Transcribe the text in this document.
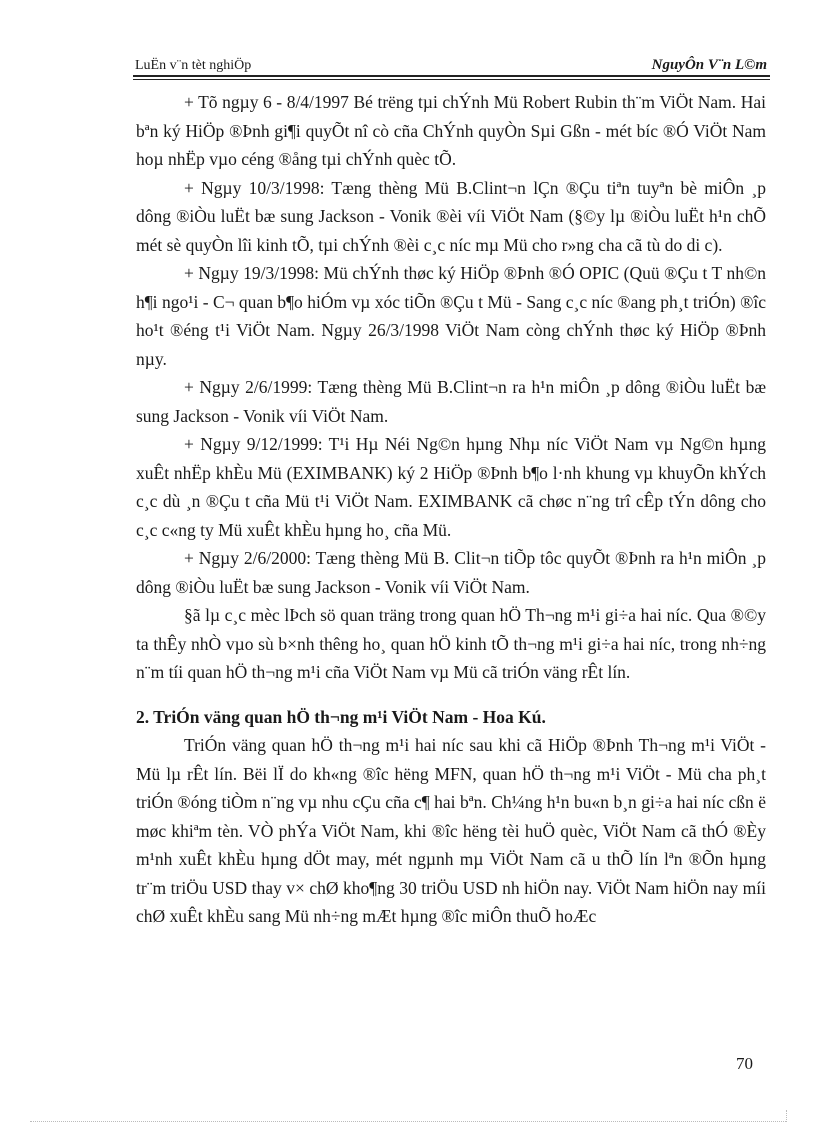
LuËn v¨n tèt nghiÖp	NguyÔn V¨n L©m

+ Tõ ngµy 6 - 8/4/1997 Bé trëng tµi chÝnh Mü Robert Rubin th¨m ViÖt Nam. Hai bªn ký HiÖp ®Þnh gi¶i quyÕt nî cò cña ChÝnh quyÒn Sµi Gßn - mét bíc ®Ó ViÖt Nam hoµ nhËp vµo céng ®ång tµi chÝnh quèc tÕ.

+ Ngµy 10/3/1998: Tæng thèng Mü B.Clint¬n lÇn ®Çu tiªn tuyªn bè miÔn ¸p dông ®iÒu luËt bæ sung Jackson - Vonik ®èi víi ViÖt Nam (§©y lµ ®iÒu luËt h¹n chÕ mét sè quyÒn lîi kinh tÕ, tµi chÝnh ®èi c¸c níc mµ Mü cho r»ng cha cã tù do di c).

+ Ngµy 19/3/1998: Mü chÝnh thøc ký HiÖp ®Þnh ®Ó OPIC (Quü ®Çu t T nh©n h¶i ngo¹i - C¬ quan b¶o hiÓm vµ xóc tiÕn ®Çu t Mü - Sang c¸c níc ®ang ph¸t triÓn) ®îc ho¹t ®éng t¹i ViÖt Nam. Ngµy 26/3/1998 ViÖt Nam còng chÝnh thøc ký HiÖp ®Þnh nµy.

+ Ngµy 2/6/1999: Tæng thèng Mü B.Clint¬n ra h¹n miÔn ¸p dông ®iÒu luËt bæ sung Jackson - Vonik víi ViÖt Nam.

+ Ngµy 9/12/1999: T¹i Hµ Néi Ng©n hµng Nhµ níc ViÖt Nam vµ Ng©n hµng xuÊt nhËp khÈu Mü (EXIMBANK) ký 2 HiÖp ®Þnh b¶o l·nh khung vµ khuyÕn khÝch c¸c dù ¸n ®Çu t cña Mü t¹i ViÖt Nam. EXIMBANK cã chøc n¨ng trî cÊp tÝn dông cho c¸c c«ng ty Mü xuÊt khÈu hµng ho¸ cña Mü.

+ Ngµy 2/6/2000: Tæng thèng Mü B. Clit¬n tiÕp tôc quyÕt ®Þnh ra h¹n miÔn ¸p dông ®iÒu luËt bæ sung Jackson - Vonik víi ViÖt Nam.

§ã lµ c¸c mèc lÞch sö quan träng trong quan hÖ Th¬ng m¹i gi÷a hai níc. Qua ®©y ta thÊy nhÒ vµo sù b×nh thêng ho¸ quan hÖ kinh tÕ th¬ng m¹i gi÷a hai níc, trong nh÷ng n¨m tíi quan hÖ th¬ng m¹i cña ViÖt Nam vµ Mü cã triÓn väng rÊt lín.

2. TriÓn väng quan hÖ th¬ng m¹i ViÖt Nam - Hoa Kú.

TriÓn väng quan hÖ th¬ng m¹i hai níc sau khi cã HiÖp ®Þnh Th¬ng m¹i ViÖt - Mü lµ rÊt lín. Bëi lÏ do kh«ng ®îc hëng MFN, quan hÖ th¬ng m¹i ViÖt - Mü cha ph¸t triÓn ®óng tiÒm n¨ng vµ nhu cÇu cña c¶ hai bªn. Ch¼ng h¹n bu«n b¸n gi÷a hai níc cßn ë møc khiªm tèn. VÒ phÝa ViÖt Nam, khi ®îc hëng tèi huÖ quèc, ViÖt Nam cã thÓ ®Èy m¹nh xuÊt khÈu hµng dÖt may, mét ngµnh mµ ViÖt Nam cã u thÕ lín lªn ®Õn hµng tr¨m triÖu USD thay v× chØ kho¶ng 30 triÖu USD nh hiÖn nay. ViÖt Nam hiÖn nay míi chØ xuÊt khÈu sang Mü nh÷ng mÆt hµng ®îc miÔn thuÕ hoÆc

70
